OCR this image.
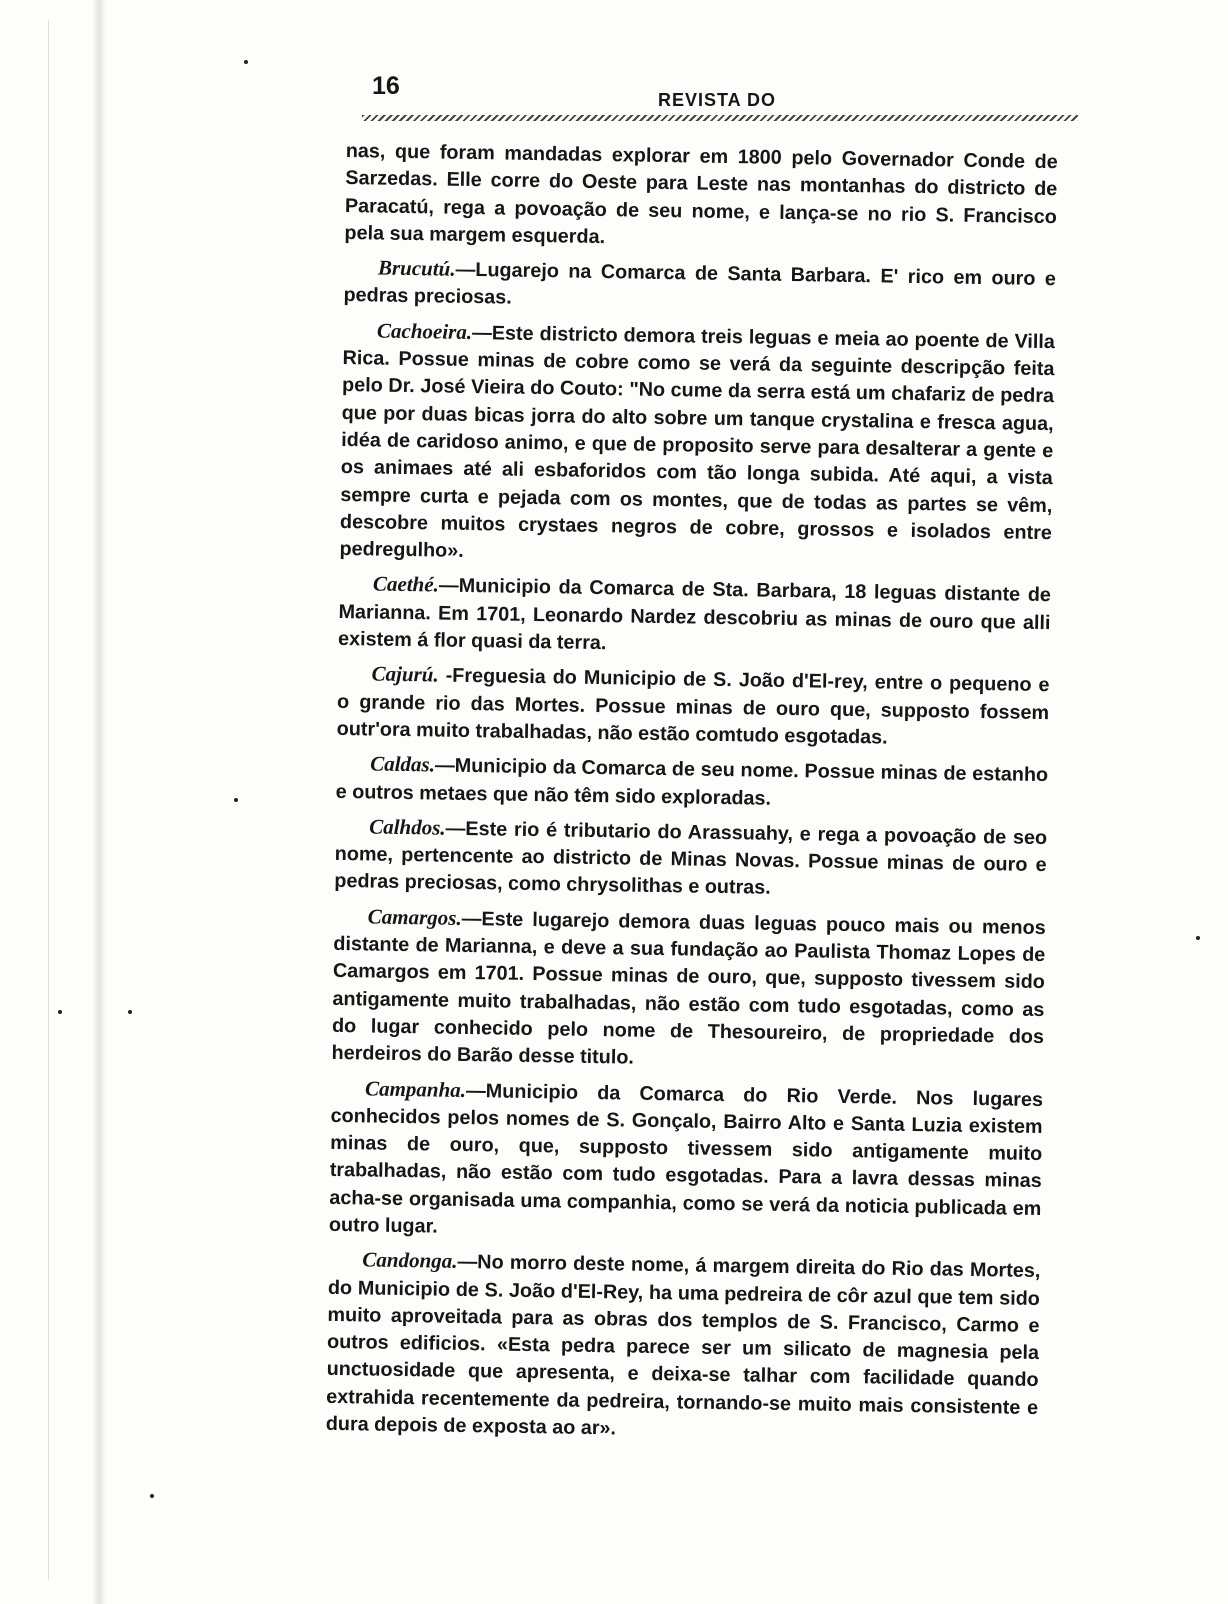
16	REVISTA DO

nas, que foram mandadas explorar em 1800 pelo Governador Conde de Sarzedas. Elle corre do Oeste para Leste nas montanhas do districto de Paracatú, rega a povoação de seu nome, e lança-se no rio S. Francisco pela sua margem esquerda.

Brucutú.—Lugarejo na Comarca de Santa Barbara. E' rico em ouro e pedras preciosas.

Cachoeira.—Este districto demora treis leguas e meia ao poente de Villa Rica. Possue minas de cobre como se verá da seguinte descripção feita pelo Dr. José Vieira do Couto: "No cume da serra está um chafariz de pedra que por duas bicas jorra do alto sobre um tanque crystalina e fresca agua, idéa de caridoso animo, e que de proposito serve para desalterar a gente e os animaes até ali esbaforidos com tão longa subida. Até aqui, a vista sempre curta e pejada com os montes, que de todas as partes se vêm, descobre muitos crystaes negros de cobre, grossos e isolados entre pedregulho».

Caethé.—Municipio da Comarca de Sta. Barbara, 18 leguas distante de Marianna. Em 1701, Leonardo Nardez descobriu as minas de ouro que alli existem á flor quasi da terra.

Cajurú. -Freguesia do Municipio de S. João d'El-rey, entre o pequeno e o grande rio das Mortes. Possue minas de ouro que, supposto fossem outr'ora muito trabalhadas, não estão comtudo esgotadas.

Caldas.—Municipio da Comarca de seu nome. Possue minas de estanho e outros metaes que não têm sido exploradas.

Calhdos.—Este rio é tributario do Arassuahy, e rega a povoação de seo nome, pertencente ao districto de Minas Novas. Possue minas de ouro e pedras preciosas, como chrysolithas e outras.

Camargos.—Este lugarejo demora duas leguas pouco mais ou menos distante de Marianna, e deve a sua fundação ao Paulista Thomaz Lopes de Camargos em 1701. Possue minas de ouro, que, supposto tivessem sido antigamente muito trabalhadas, não estão com tudo esgotadas, como as do lugar conhecido pelo nome de Thesoureiro, de propriedade dos herdeiros do Barão desse titulo.

Campanha.—Municipio da Comarca do Rio Verde. Nos lugares conhecidos pelos nomes de S. Gonçalo, Bairro Alto e Santa Luzia existem minas de ouro, que, supposto tivessem sido antigamente muito trabalhadas, não estão com tudo esgotadas. Para a lavra dessas minas acha-se organisada uma companhia, como se verá da noticia publicada em outro lugar.

Candonga.—No morro deste nome, á margem direita do Rio das Mortes, do Municipio de S. João d'El-Rey, ha uma pedreira de côr azul que tem sido muito aproveitada para as obras dos templos de S. Francisco, Carmo e outros edificios. «Esta pedra parece ser um silicato de magnesia pela unctuosidade que apresenta, e deixa-se talhar com facilidade quando extrahida recentemente da pedreira, tornando-se muito mais consistente e dura depois de exposta ao ar».
